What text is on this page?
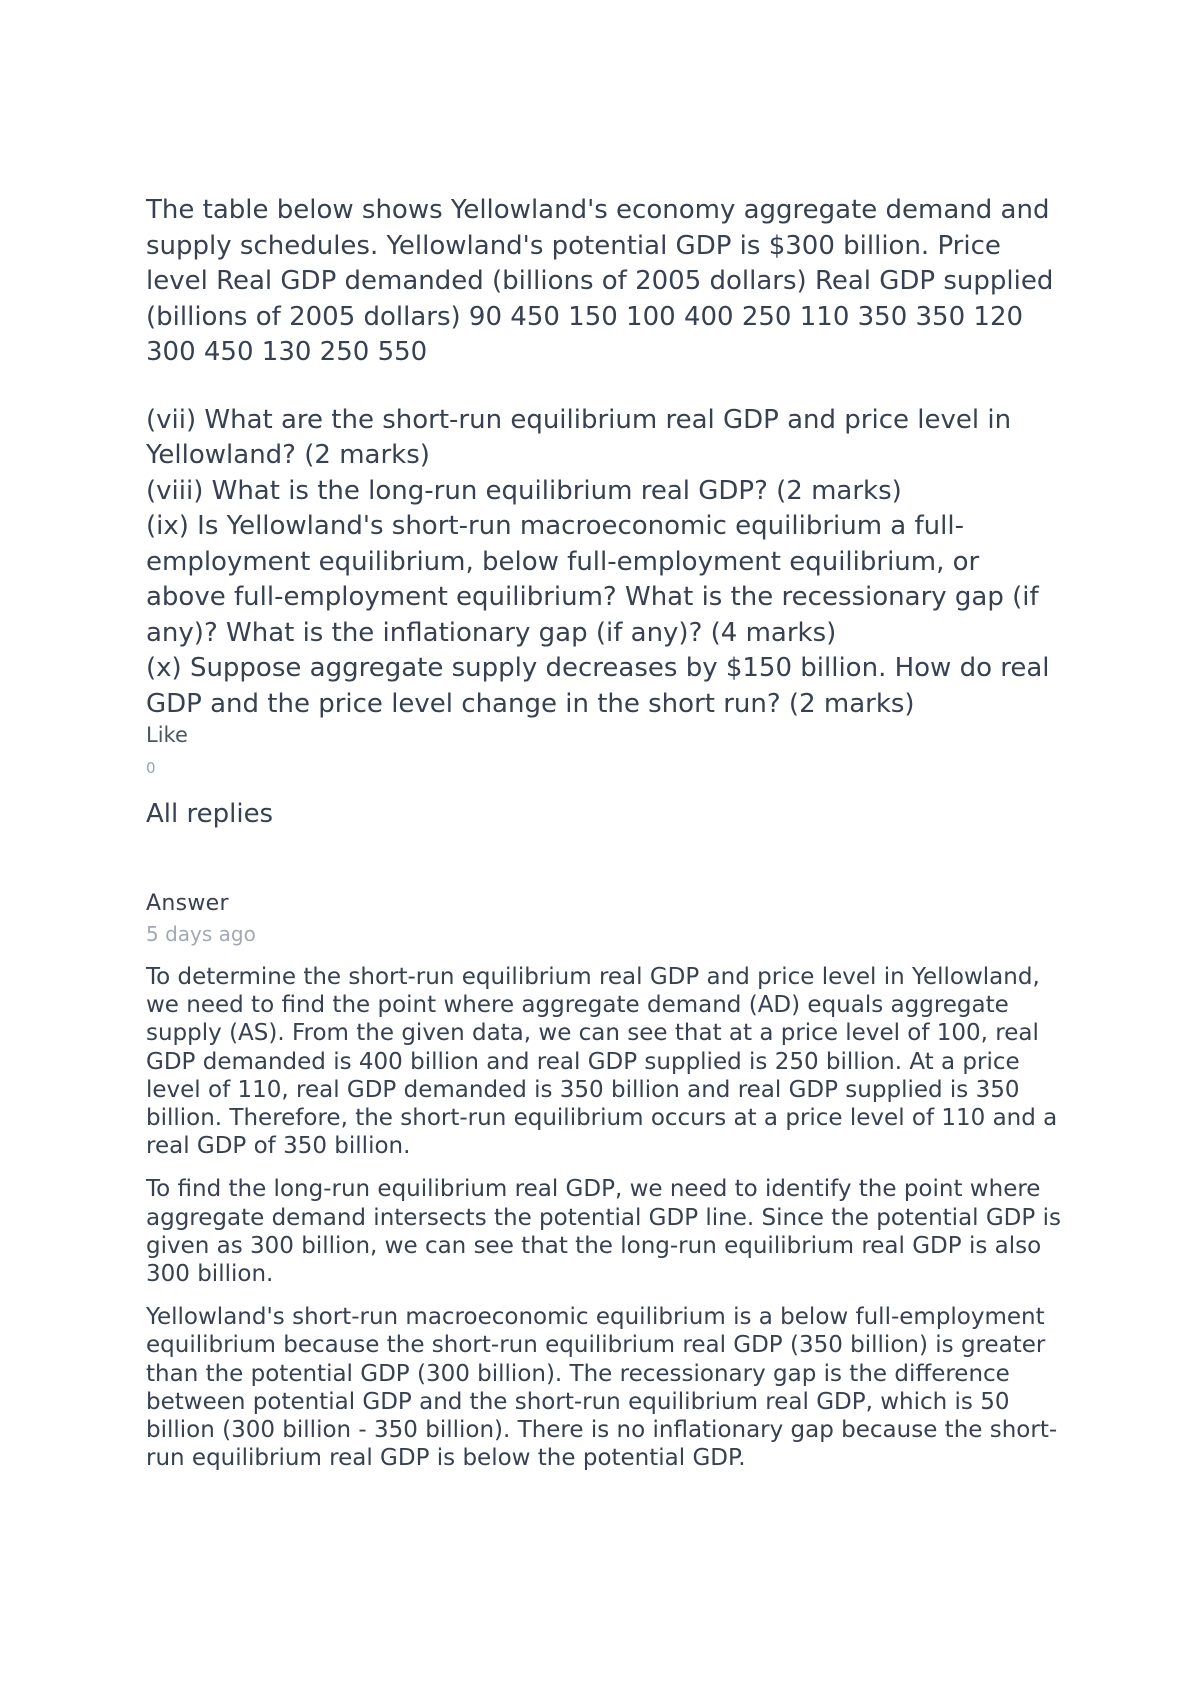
The table below shows Yellowland's economy aggregate demand and supply schedules. Yellowland's potential GDP is $300 billion. Price level Real GDP demanded (billions of 2005 dollars) Real GDP supplied (billions of 2005 dollars) 90 450 150 100 400 250 110 350 350 120 300 450 130 250 550

(vii) What are the short-run equilibrium real GDP and price level in Yellowland? (2 marks)

(viii) What is the long-run equilibrium real GDP? (2 marks)

(ix) Is Yellowland's short-run macroeconomic equilibrium a full-employment equilibrium, below full-employment equilibrium, or above full-employment equilibrium? What is the recessionary gap (if any)? What is the inflationary gap (if any)? (4 marks)

(x) Suppose aggregate supply decreases by $150 billion. How do real GDP and the price level change in the short run? (2 marks)

Like
0
All replies
Answer
5 days ago

To determine the short-run equilibrium real GDP and price level in Yellowland, we need to find the point where aggregate demand (AD) equals aggregate supply (AS). From the given data, we can see that at a price level of 100, real GDP demanded is 400 billion and real GDP supplied is 250 billion. At a price level of 110, real GDP demanded is 350 billion and real GDP supplied is 350 billion. Therefore, the short-run equilibrium occurs at a price level of 110 and a real GDP of 350 billion.

To find the long-run equilibrium real GDP, we need to identify the point where aggregate demand intersects the potential GDP line. Since the potential GDP is given as 300 billion, we can see that the long-run equilibrium real GDP is also 300 billion.

Yellowland's short-run macroeconomic equilibrium is a below full-employment equilibrium because the short-run equilibrium real GDP (350 billion) is greater than the potential GDP (300 billion). The recessionary gap is the difference between potential GDP and the short-run equilibrium real GDP, which is 50 billion (300 billion - 350 billion). There is no inflationary gap because the short-run equilibrium real GDP is below the potential GDP.
